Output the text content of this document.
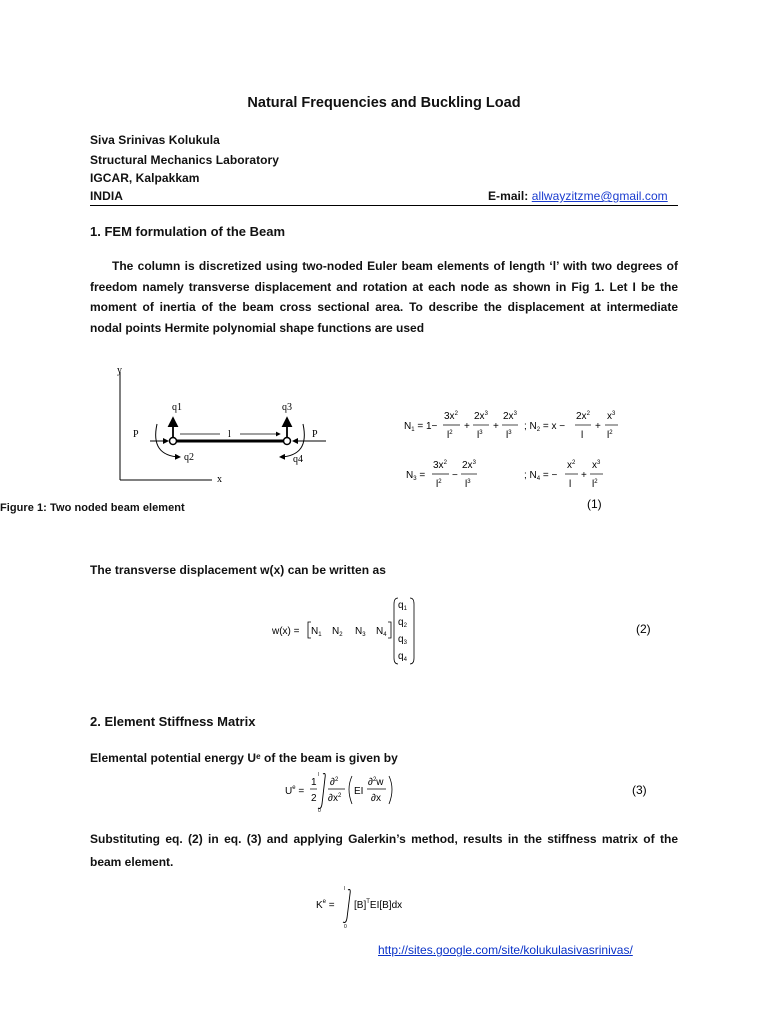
Natural Frequencies and Buckling Load
Siva Srinivas Kolukula
Structural Mechanics Laboratory
IGCAR, Kalpakkam
INDIA	E-mail: allwayzitzme@gmail.com
1. FEM formulation of the Beam
The column is discretized using two-noded Euler beam elements of length ‘l’ with two degrees of freedom namely transverse displacement and rotation at each node as shown in Fig 1. Let I be the moment of inertia of the beam cross sectional area. To describe the displacement at intermediate nodal points Hermite polynomial shape functions are used
y
x
P	P
l
q1	q3
q2	q4
$N_1 = 1-$
$3x^2$
$l^2$
+
$2x^3$
$l^3$
+
$2x^3$
$l^3$
; $N_2 = x$ −
$2x^2$
l
+
$x^3$
$l^2$
$N_3$ =
$3x^2$
$l^2$
−
$2x^3$
$l^3$
; $N_4$ = −
$x^2$
l
+
$x^3$
$l^2$
Figure 1: Two noded beam element	(1)
The transverse displacement w(x) can be written as
$w(x) = N_1$ $N_2$ $N_3$ $N_4$
$q_1$
$q_2$
$q_3$
$q_4$
(2)
2. Element Stiffness Matrix
Elemental potential energy Uᵉ of the beam is given by
$U^e$ =
1
2
l
0
∂$^2$
$\partial x^2$ EI
∂$^2$w
∂x
(3)
Substituting eq. (2) in eq. (3) and applying Galerkin’s method, results in the stiffness matrix of the beam element.
$K^e$ =
l
0
$[B]^TEI[B]dx$
http://sites.google.com/site/kolukulasivasrinivas/
